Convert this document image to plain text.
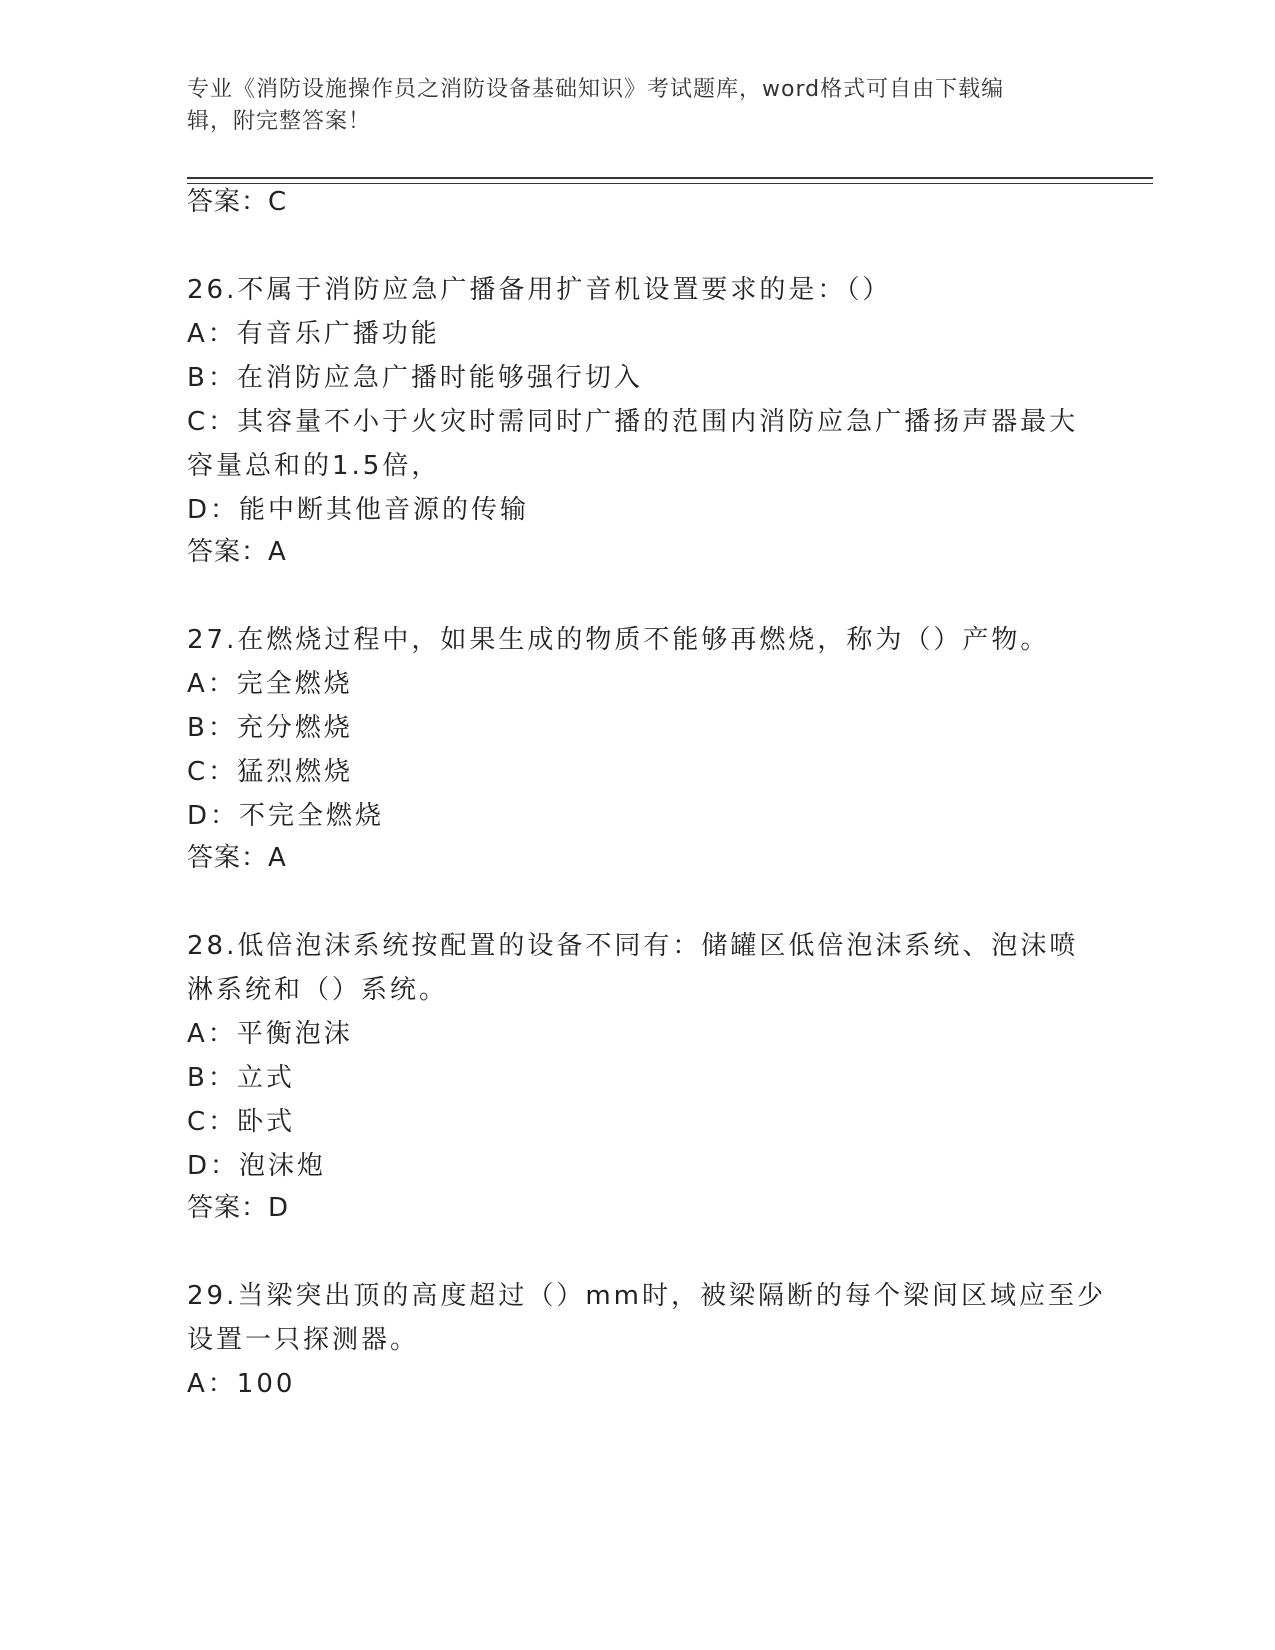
专业《消防设施操作员之消防设备基础知识》考试题库，word格式可自由下载编
辑，附完整答案！
答案：C
26.不属于消防应急广播备用扩音机设置要求的是：（）
A：有音乐广播功能
B：在消防应急广播时能够强行切入
C：其容量不小于火灾时需同时广播的范围内消防应急广播扬声器最大
容量总和的1.5倍，
D：能中断其他音源的传输
答案：A
27.在燃烧过程中，如果生成的物质不能够再燃烧，称为（）产物。
A：完全燃烧
B：充分燃烧
C：猛烈燃烧
D：不完全燃烧
答案：A
28.低倍泡沫系统按配置的设备不同有：储罐区低倍泡沫系统、泡沫喷
淋系统和（）系统。
A：平衡泡沫
B：立式
C：卧式
D：泡沫炮
答案：D
29.当梁突出顶的高度超过（）mm时，被梁隔断的每个梁间区域应至少
设置一只探测器。
A：100
